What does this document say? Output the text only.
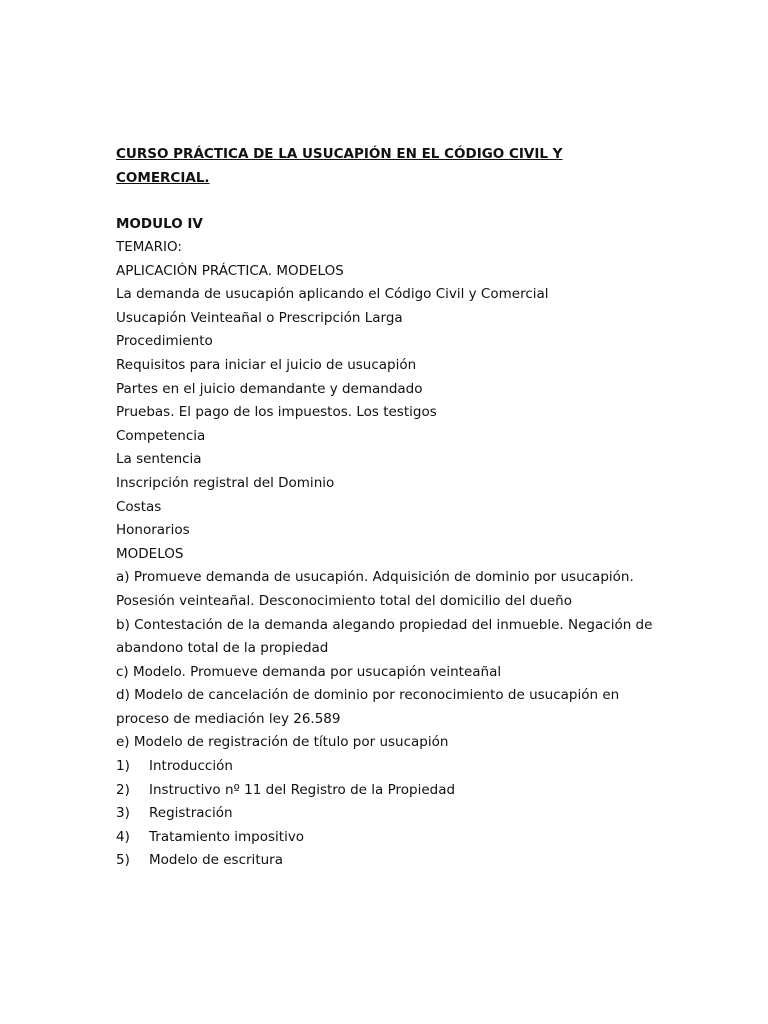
CURSO PRÁCTICA DE LA USUCAPIÓN EN EL CÓDIGO CIVIL Y
COMERCIAL.
MODULO IV
TEMARIO:
APLICACIÓN PRÁCTICA. MODELOS
La demanda de usucapión aplicando el Código Civil y Comercial
Usucapión Veinteañal o Prescripción Larga
Procedimiento
Requisitos para iniciar el juicio de usucapión
Partes en el juicio demandante y demandado
Pruebas. El pago de los impuestos. Los testigos
Competencia
La sentencia
Inscripción registral del Dominio
Costas
Honorarios
MODELOS
a) Promueve demanda de usucapión. Adquisición de dominio por usucapión.
Posesión veinteañal. Desconocimiento total del domicilio del dueño
b) Contestación de la demanda alegando propiedad del inmueble. Negación de
abandono total de la propiedad
c) Modelo. Promueve demanda por usucapión veinteañal
d) Modelo de cancelación de dominio por reconocimiento de usucapión en
proceso de mediación ley 26.589
e) Modelo de registración de título por usucapión
1) Introducción
2) Instructivo nº 11 del Registro de la Propiedad
3) Registración
4) Tratamiento impositivo
5) Modelo de escritura
